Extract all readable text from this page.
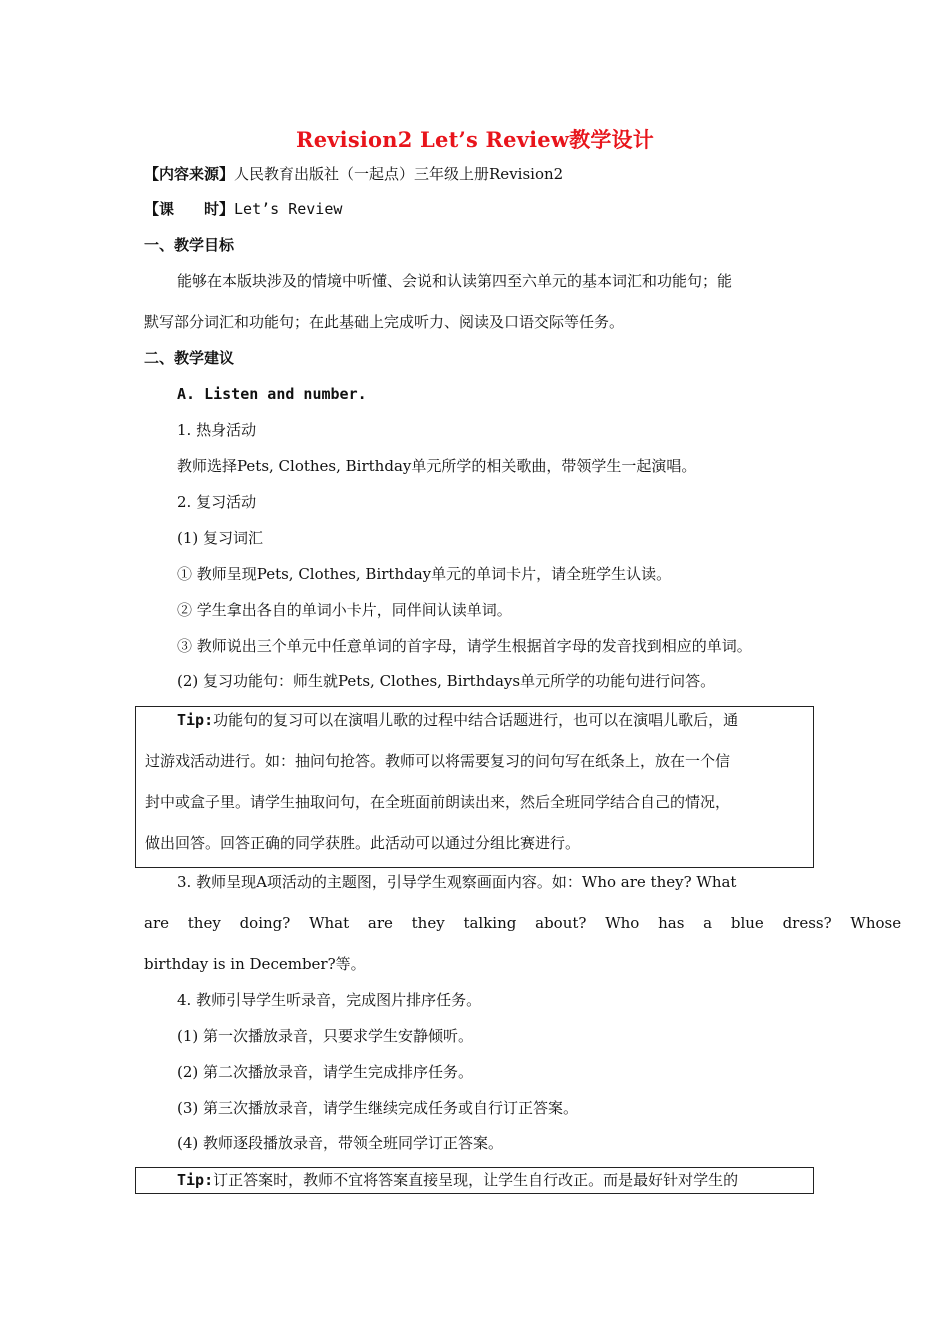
Revision2 Let’s Review教学设计
【内容来源】人民教育出版社（一起点）三年级上册Revision2
【课　　时】Let’s Review
一、教学目标
能够在本版块涉及的情境中听懂、会说和认读第四至六单元的基本词汇和功能句；能
默写部分词汇和功能句；在此基础上完成听力、阅读及口语交际等任务。
二、教学建议
A. Listen and number.
1. 热身活动
教师选择Pets, Clothes, Birthday单元所学的相关歌曲，带领学生一起演唱。
2. 复习活动
(1) 复习词汇
① 教师呈现Pets, Clothes, Birthday单元的单词卡片，请全班学生认读。
② 学生拿出各自的单词小卡片，同伴间认读单词。
③ 教师说出三个单元中任意单词的首字母，请学生根据首字母的发音找到相应的单词。
(2) 复习功能句：师生就Pets, Clothes, Birthdays单元所学的功能句进行问答。
Tip:功能句的复习可以在演唱儿歌的过程中结合话题进行，也可以在演唱儿歌后，通
过游戏活动进行。如：抽问句抢答。教师可以将需要复习的问句写在纸条上，放在一个信
封中或盒子里。请学生抽取问句，在全班面前朗读出来，然后全班同学结合自己的情况，
做出回答。回答正确的同学获胜。此活动可以通过分组比赛进行。
3. 教师呈现A项活动的主题图，引导学生观察画面内容。如：Who are they? What
are they doing? What are they talking about? Who has a blue dress? Whose
birthday is in December?等。
4. 教师引导学生听录音，完成图片排序任务。
(1) 第一次播放录音，只要求学生安静倾听。
(2) 第二次播放录音，请学生完成排序任务。
(3) 第三次播放录音，请学生继续完成任务或自行订正答案。
(4) 教师逐段播放录音，带领全班同学订正答案。
Tip:订正答案时，教师不宜将答案直接呈现，让学生自行改正。而是最好针对学生的
